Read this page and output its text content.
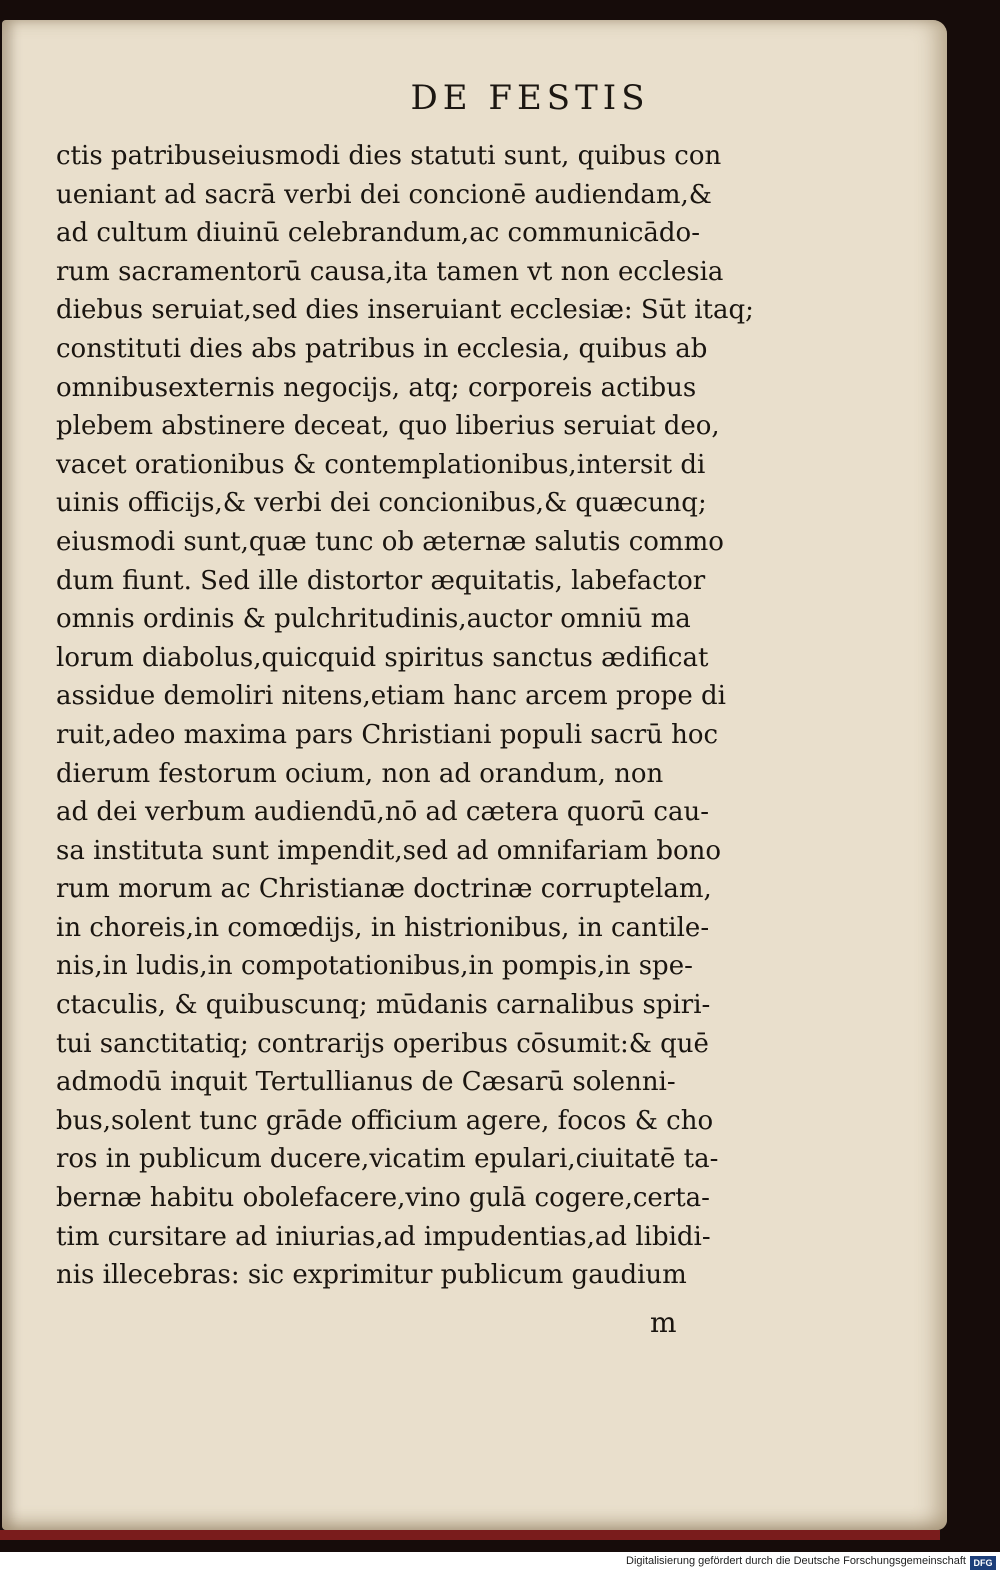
DE FESTIS
ctis patribuseiusmodi dies statuti sunt, quibus con
ueniant ad sacrā verbi dei concionē audiendam,&
ad cultum diuinū celebrandum,ac communicādo-
rum sacramentorū causa,ita tamen vt non ecclesia
diebus seruiat,sed dies inseruiant ecclesiæ: Sūt itaq;
constituti dies abs patribus in ecclesia, quibus ab
omnibusexternis negocijs, atq; corporeis actibus
plebem abstinere deceat, quo liberius seruiat deo,
vacet orationibus & contemplationibus,intersit di
uinis officijs,& verbi dei concionibus,& quæcunq;
eiusmodi sunt,quæ tunc ob æternæ salutis commo
dum fiunt. Sed ille distortor æquitatis, labefactor
omnis ordinis & pulchritudinis,auctor omniū ma
lorum diabolus,quicquid spiritus sanctus ædificat
assidue demoliri nitens,etiam hanc arcem prope di
ruit,adeo maxima pars Christiani populi sacrū hoc
dierum festorum ocium, non ad orandum, non
ad dei verbum audiendū,nō ad cætera quorū cau-
sa instituta sunt impendit,sed ad omnifariam bono
rum morum ac Christianæ doctrinæ corruptelam,
in choreis,in comœdijs, in histrionibus, in cantile-
nis,in ludis,in compotationibus,in pompis,in spe-
ctaculis, & quibuscunq; mūdanis carnalibus spiri-
tui sanctitatiq; contrarijs operibus cōsumit:& quē
admodū inquit Tertullianus de Cæsarū solenni-
bus,solent tunc grāde officium agere, focos & cho
ros in publicum ducere,vicatim epulari,ciuitatē ta-
bernæ habitu obolefacere,vino gulā cogere,certa-
tim cursitare ad iniurias,ad impudentias,ad libidi-
nis illecebras: sic exprimitur publicum gaudium
m
Digitalisierung gefördert durch die Deutsche Forschungsgemeinschaft DFG
